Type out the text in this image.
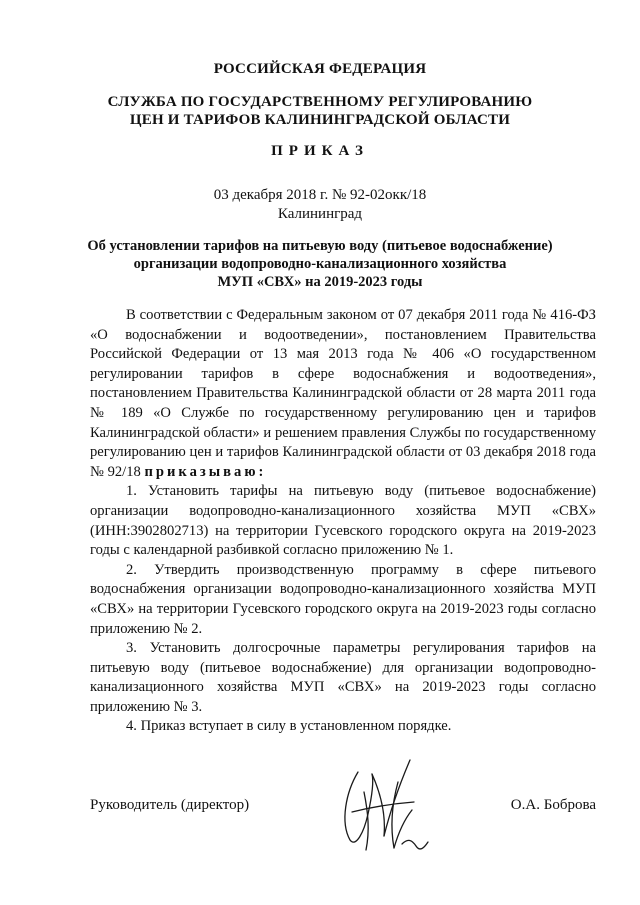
РОССИЙСКАЯ ФЕДЕРАЦИЯ
СЛУЖБА ПО ГОСУДАРСТВЕННОМУ РЕГУЛИРОВАНИЮ
ЦЕН И ТАРИФОВ КАЛИНИНГРАДСКОЙ ОБЛАСТИ
ПРИКАЗ
03 декабря 2018 г. № 92-02окк/18
Калининград
Об установлении тарифов на питьевую воду (питьевое водоснабжение)
организации водопроводно-канализационного хозяйства
МУП «СВХ» на 2019-2023 годы

В соответствии с Федеральным законом от 07 декабря 2011 года № 416-ФЗ «О водоснабжении и водоотведении», постановлением Правительства Российской Федерации от 13 мая 2013 года № 406 «О государственном регулировании тарифов в сфере водоснабжения и водоотведения», постановлением Правительства Калининградской области от 28 марта 2011 года № 189 «О Службе по государственному регулированию цен и тарифов Калининградской области» и решением правления Службы по государственному регулированию цен и тарифов Калининградской области от 03 декабря 2018 года № 92/18 приказываю:

1. Установить тарифы на питьевую воду (питьевое водоснабжение) организации водопроводно-канализационного хозяйства МУП «СВХ» (ИНН:3902802713) на территории Гусевского городского округа на 2019-2023 годы с календарной разбивкой согласно приложению № 1.

2. Утвердить производственную программу в сфере питьевого водоснабжения организации водопроводно-канализационного хозяйства МУП «СВХ» на территории Гусевского городского округа на 2019-2023 годы согласно приложению № 2.

3. Установить долгосрочные параметры регулирования тарифов на питьевую воду (питьевое водоснабжение) для организации водопроводно-канализационного хозяйства МУП «СВХ» на 2019-2023 годы согласно приложению № 3.

4. Приказ вступает в силу в установленном порядке.

Руководитель (директор)	О.А. Боброва
